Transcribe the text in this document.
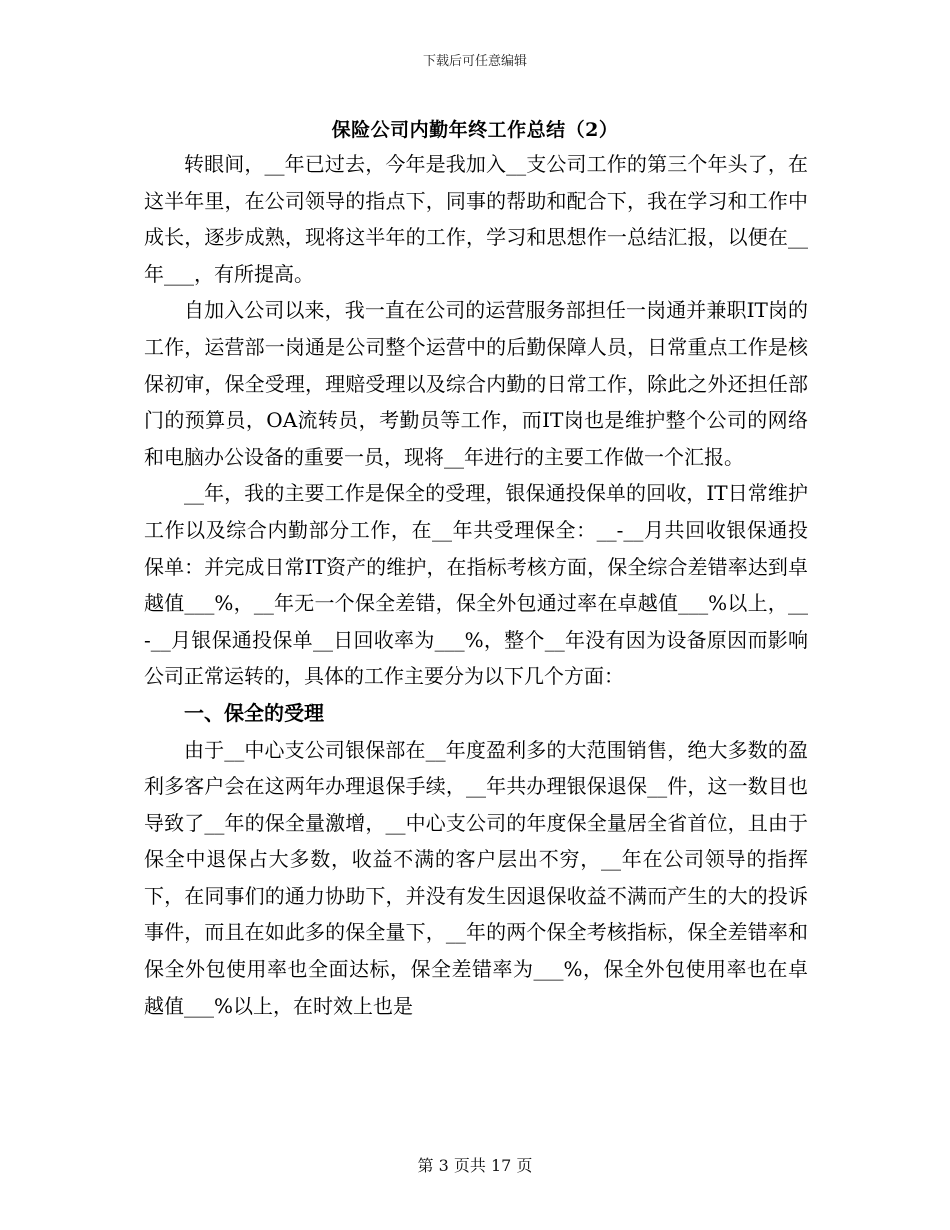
下载后可任意编辑
保险公司内勤年终工作总结（2）

转眼间，__年已过去，今年是我加入__支公司工作的第三个年头了，在这半年里，在公司领导的指点下，同事的帮助和配合下，我在学习和工作中成长，逐步成熟，现将这半年的工作，学习和思想作一总结汇报，以便在__年___，有所提高。

自加入公司以来，我一直在公司的运营服务部担任一岗通并兼职IT岗的工作，运营部一岗通是公司整个运营中的后勤保障人员，日常重点工作是核保初审，保全受理，理赔受理以及综合内勤的日常工作，除此之外还担任部门的预算员，OA流转员，考勤员等工作，而IT岗也是维护整个公司的网络和电脑办公设备的重要一员，现将__年进行的主要工作做一个汇报。

__年，我的主要工作是保全的受理，银保通投保单的回收，IT日常维护工作以及综合内勤部分工作，在__年共受理保全：__-__月共回收银保通投保单：并完成日常IT资产的维护，在指标考核方面，保全综合差错率达到卓越值___%，__年无一个保全差错，保全外包通过率在卓越值___%以上，__-__月银保通投保单__日回收率为___%，整个__年没有因为设备原因而影响公司正常运转的，具体的工作主要分为以下几个方面：

一、保全的受理

由于__中心支公司银保部在__年度盈利多的大范围销售，绝大多数的盈利多客户会在这两年办理退保手续，__年共办理银保退保__件，这一数目也导致了__年的保全量激增，__中心支公司的年度保全量居全省首位，且由于保全中退保占大多数，收益不满的客户层出不穷，__年在公司领导的指挥下，在同事们的通力协助下，并没有发生因退保收益不满而产生的大的投诉事件，而且在如此多的保全量下，__年的两个保全考核指标，保全差错率和保全外包使用率也全面达标，保全差错率为___%，保全外包使用率也在卓越值___%以上，在时效上也是

第 3 页共 17 页
